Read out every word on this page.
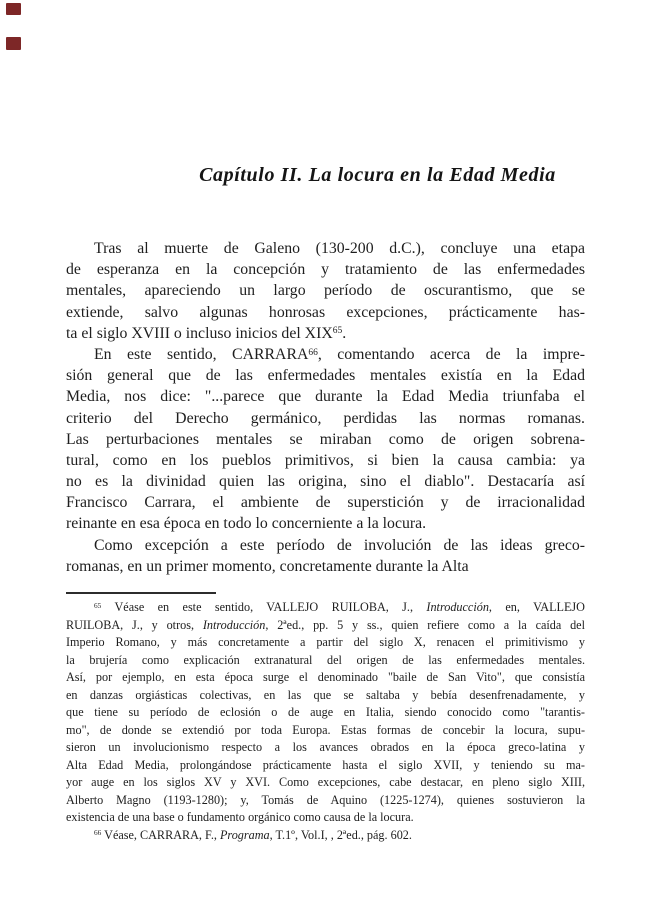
Capítulo II. La locura en la Edad Media
Tras al muerte de Galeno (130-200 d.C.), concluye una etapa
de esperanza en la concepción y tratamiento de las enfermedades
mentales, apareciendo un largo período de oscurantismo, que se
extiende, salvo algunas honrosas excepciones, prácticamente has-
ta el siglo XVIII o incluso inicios del XIX$^{65}$.
En este sentido, CARRARA$^{66}$, comentando acerca de la impre-
sión general que de las enfermedades mentales existía en la Edad
Media, nos dice: "...parece que durante la Edad Media triunfaba el
criterio del Derecho germánico, perdidas las normas romanas.
Las perturbaciones mentales se miraban como de origen sobrena-
tural, como en los pueblos primitivos, si bien la causa cambia: ya
no es la divinidad quien las origina, sino el diablo". Destacaría así
Francisco Carrara, el ambiente de superstición y de irracionalidad
reinante en esa época en todo lo concerniente a la locura.
Como excepción a este período de involución de las ideas greco-
romanas, en un primer momento, concretamente durante la Alta
$^{65}$ Véase en este sentido, VALLEJO RUILOBA, J., Introducción, en, VALLEJO
RUILOBA, J., y otros, Introducción, 2ªed., pp. 5 y ss., quien refiere como a la caída del
Imperio Romano, y más concretamente a partir del siglo X, renacen el primitivismo y
la brujería como explicación extranatural del origen de las enfermedades mentales.
Así, por ejemplo, en esta época surge el denominado "baile de San Vito", que consistía
en danzas orgiásticas colectivas, en las que se saltaba y bebía desenfrenadamente, y
que tiene su período de eclosión o de auge en Italia, siendo conocido como "tarantis-
mo", de donde se extendió por toda Europa. Estas formas de concebir la locura, supu-
sieron un involucionismo respecto a los avances obrados en la época greco-latina y
Alta Edad Media, prolongándose prácticamente hasta el siglo XVII, y teniendo su ma-
yor auge en los siglos XV y XVI. Como excepciones, cabe destacar, en pleno siglo XIII,
Alberto Magno (1193-1280); y, Tomás de Aquino (1225-1274), quienes sostuvieron la
existencia de una base o fundamento orgánico como causa de la locura.
$^{66}$ Véase, CARRARA, F., Programa, T.1º, Vol.I, , 2ªed., pág. 602.
